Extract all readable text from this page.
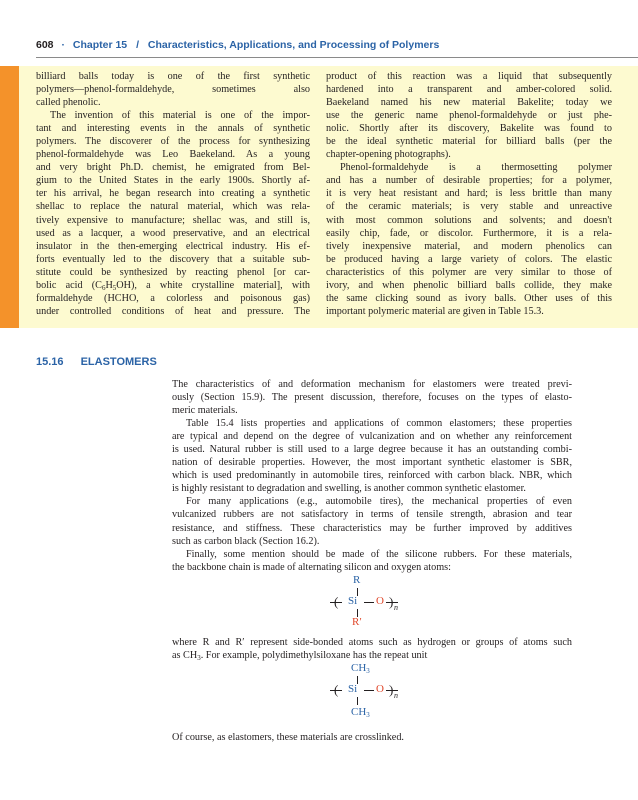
608 · Chapter 15 / Characteristics, Applications, and Processing of Polymers

billiard balls today is one of the first synthetic
polymers—phenol-formaldehyde, sometimes also
called phenolic.

The invention of this material is one of the impor-
tant and interesting events in the annals of synthetic
polymers. The discoverer of the process for synthesizing
phenol-formaldehyde was Leo Baekeland. As a young
and very bright Ph.D. chemist, he emigrated from Bel-
gium to the United States in the early 1900s. Shortly af-
ter his arrival, he began research into creating a synthetic
shellac to replace the natural material, which was rela-
tively expensive to manufacture; shellac was, and still is,
used as a lacquer, a wood preservative, and an electrical
insulator in the then-emerging electrical industry. His ef-
forts eventually led to the discovery that a suitable sub-
stitute could be synthesized by reacting phenol [or car-
bolic acid $(C_6H_5OH)$, a white crystalline material], with
formaldehyde (HCHO, a colorless and poisonous gas)
under controlled conditions of heat and pressure. The

product of this reaction was a liquid that subsequently
hardened into a transparent and amber-colored solid.
Baekeland named his new material Bakelite; today we
use the generic name phenol-formaldehyde or just phe-
nolic. Shortly after its discovery, Bakelite was found to
be the ideal synthetic material for billiard balls (per the
chapter-opening photographs).

Phenol-formaldehyde is a thermosetting polymer
and has a number of desirable properties; for a polymer,
it is very heat resistant and hard; is less brittle than many
of the ceramic materials; is very stable and unreactive
with most common solutions and solvents; and doesn't
easily chip, fade, or discolor. Furthermore, it is a rela-
tively inexpensive material, and modern phenolics can
be produced having a large variety of colors. The elastic
characteristics of this polymer are very similar to those of
ivory, and when phenolic billiard balls collide, they make
the same clicking sound as ivory balls. Other uses of this
important polymeric material are given in Table 15.3.

15.16 ELASTOMERS
The characteristics of and deformation mechanism for elastomers were treated previ-
ously (Section 15.9). The present discussion, therefore, focuses on the types of elasto-
meric materials.
Table 15.4 lists properties and applications of common elastomers; these properties
are typical and depend on the degree of vulcanization and on whether any reinforcement
is used. Natural rubber is still used to a large degree because it has an outstanding combi-
nation of desirable properties. However, the most important synthetic elastomer is SBR,
which is used predominantly in automobile tires, reinforced with carbon black. NBR, which
is highly resistant to degradation and swelling, is another common synthetic elastomer.
For many applications (e.g., automobile tires), the mechanical properties of even
vulcanized rubbers are not satisfactory in terms of tensile strength, abrasion and tear
resistance, and stiffness. These characteristics may be further improved by additives
such as carbon black (Section 16.2).
Finally, some mention should be made of the silicone rubbers. For these materials,
the backbone chain is made of alternating silicon and oxygen atoms:
R
Si O ) n
R′
where R and R′ represent side-bonded atoms such as hydrogen or groups of atoms such
as $CH_3$. For example, polydimethylsiloxane has the repeat unit
$CH_3$
Si O ) n
$CH_3$
Of course, as elastomers, these materials are crosslinked.
